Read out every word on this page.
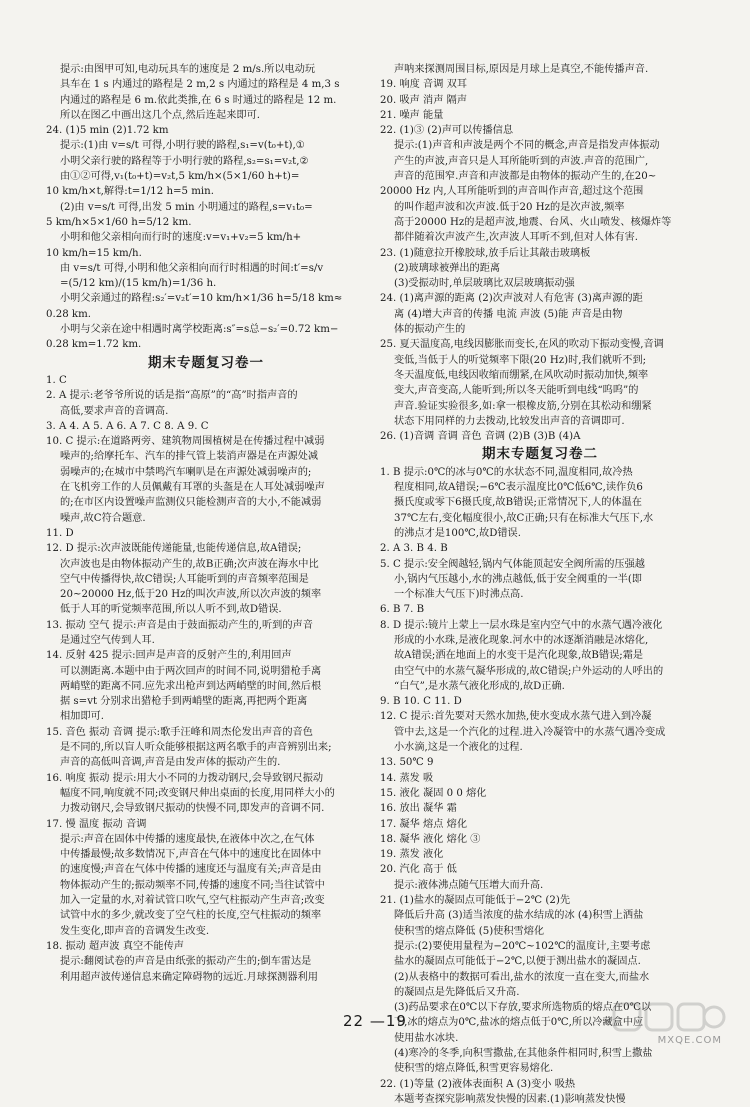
提示:由图甲可知,电动玩具车的速度是 2 m/s.所以电动玩
具车在 1 s 内通过的路程是 2 m,2 s 内通过的路程是 4 m,3 s
内通过的路程是 6 m.依此类推,在 6 s 时通过的路程是 12 m.
所以在图乙中画出这几个点,然后连起来即可.
24. (1)5 min (2)1.72 km
提示:(1)由 v=s/t 可得,小明行驶的路程,s₁=v(t₀+t),①
小明父亲行驶的路程等于小明行驶的路程,s₂=s₁=v₂t,②
由①②可得,v₁(t₀+t)=v₂t,5 km/h×(5×1/60 h+t)=
10 km/h×t,解得:t=1/12 h=5 min.
(2)由 v=s/t 可得,出发 5 min 小明通过的路程,s=v₁t₀=
5 km/h×5×1/60 h=5/12 km.
小明和他父亲相向而行时的速度:v=v₁+v₂=5 km/h+
10 km/h=15 km/h.
由 v=s/t 可得,小明和他父亲相向而行时相遇的时间:t′=s/v
=(5/12 km)/(15 km/h)=1/36 h.
小明父亲通过的路程:s₂′=v₂t′=10 km/h×1/36 h=5/18 km≈
0.28 km.
小明与父亲在途中相遇时离学校距离:s″=s总−s₂′=0.72 km−
0.28 km=1.72 km.
期末专题复习卷一
1. C
2. A 提示:老爷爷所说的话是指“高原”的“高”时指声音的
高低,要求声音的音调高.
3. A 4. A 5. A 6. A 7. C 8. A 9. C
10. C 提示:在道路两旁、建筑物周围植树是在传播过程中减弱
噪声的;给摩托车、汽车的排气管上装消声器是在声源处减
弱噪声的;在城市中禁鸣汽车喇叭是在声源处减弱噪声的;
在飞机旁工作的人员佩戴有耳罩的头盔是在人耳处减弱噪声
的;在市区内设置噪声监测仪只能检测声音的大小,不能减弱
噪声,故C符合题意.
11. D
12. D 提示:次声波既能传递能量,也能传递信息,故A错误;
次声波也是由物体振动产生的,故B正确;次声波在海水中比
空气中传播得快,故C错误;人耳能听到的声音频率范围是
20~20000 Hz,低于20 Hz的叫次声波,所以次声波的频率
低于人耳的听觉频率范围,所以人听不到,故D错误.
13. 振动 空气 提示:声音是由于鼓面振动产生的,听到的声音
是通过空气传到人耳.
14. 反射 425 提示:回声是声音的反射产生的,利用回声
可以测距离.本题中由于两次回声的时间不同,说明猎枪手离
两峭壁的距离不同.应先求出枪声到达两峭壁的时间,然后根
据 s=vt 分别求出猎枪手到两峭壁的距离,再把两个距离
相加即可.
15. 音色 振动 音调 提示:歌手汪峰和周杰伦发出声音的音色
是不同的,所以盲人听众能够根据这两名歌手的声音辨别出来;
声音的高低叫音调,声音是由发声体的振动产生的.
16. 响度 振动 提示:用大小不同的力拨动钢尺,会导致钢尺振动
幅度不同,响度就不同;改变钢尺伸出桌面的长度,用同样大小的
力拨动钢尺,会导致钢尺振动的快慢不同,即发声的音调不同.
17. 慢 温度 振动 音调
提示:声音在固体中传播的速度最快,在液体中次之,在气体
中传播最慢;故多数情况下,声音在气体中的速度比在固体中
的速度慢;声音在气体中传播的速度还与温度有关;声音是由
物体振动产生的;振动频率不同,传播的速度不同;当往试管中
加入一定量的水,对着试管口吹气,空气柱振动产生声音;改变
试管中水的多少,就改变了空气柱的长度,空气柱振动的频率
发生变化,即声音的音调发生改变.
18. 振动 超声波 真空不能传声
提示:翻阅试卷的声音是由纸张的振动产生的;倒车雷达是
利用超声波传递信息来确定障碍物的远近.月球探测器利用
声呐来探测周围目标,原因是月球上是真空,不能传播声音.
19. 响度 音调 双耳
20. 吸声 消声 隔声
21. 噪声 能量
22. (1)③ (2)声可以传播信息
提示:(1)声音和声波是两个不同的概念,声音是指发声体振动
产生的声波,声音只是人耳所能听到的声波.声音的范围广,
声音的范围窄.声音和声波都是由物体的振动产生的,在20~
20000 Hz 内,人耳所能听到的声音叫作声音,超过这个范围
的叫作超声波和次声波.低于20 Hz的是次声波,频率
高于20000 Hz的是超声波,地震、台风、火山喷发、核爆炸等
都伴随着次声波产生,次声波人耳听不到,但对人体有害.
23. (1)随意拉开橡胶球,放手后让其敲击玻璃板
(2)玻璃球被弹出的距离
(3)受振动时,单层玻璃比双层玻璃振动强
24. (1)离声源的距离 (2)次声波对人有危害 (3)离声源的距
离 (4)增大声音的传播 电流 声波 (5)能 声音是由物
体的振动产生的
25. 夏天温度高,电线因膨胀而变长,在风的吹动下振动变慢,音调
变低,当低于人的听觉频率下限(20 Hz)时,我们就听不到;
冬天温度低,电线因收缩而绷紧,在风吹动时振动加快,频率
变大,声音变高,人能听到;所以冬天能听到电线“呜呜”的
声音.验证实验很多,如:拿一根橡皮筋,分别在其松动和绷紧
状态下用同样的力去拨动,比较发出声音的音调即可.
26. (1)音调 音调 音色 音调 (2)B (3)B (4)A
期末专题复习卷二
1. B 提示:0℃的冰与0℃的水状态不同,温度相同,故冷热
程度相同,故A错误;−6℃表示温度比0℃低6℃,读作负6
摄氏度或零下6摄氏度,故B错误;正常情况下,人的体温在
37℃左右,变化幅度很小,故C正确;只有在标准大气压下,水
的沸点才是100℃,故D错误.
2. A 3. B 4. B
5. C 提示:安全阀越轻,锅内气体能顶起安全阀所需的压强越
小,锅内气压越小,水的沸点越低,低于安全阀重的一半(即
一个标准大气压下)时沸点高.
6. B 7. B
8. D 提示:镜片上蒙上一层水珠是室内空气中的水蒸气遇冷液化
形成的小水珠,是液化现象.河水中的冰逐渐消融是冰熔化,
故A错误;洒在地面上的水变干是汽化现象,故B错误;霜是
由空气中的水蒸气凝华形成的,故C错误;户外运动的人呼出的
“白气”,是水蒸气液化形成的,故D正确.
9. B 10. C 11. D
12. C 提示:首先要对天然水加热,使水变成水蒸气进入到冷凝
管中去,这是一个汽化的过程.进入冷凝管中的水蒸气遇冷变成
小水滴,这是一个液化的过程.
13. 50℃ 9
14. 蒸发 吸
15. 液化 凝固 0 0 熔化
16. 放出 凝华 霜
17. 凝华 熔点 熔化
18. 凝华 液化 熔化 ③
19. 蒸发 液化
20. 汽化 高于 低
提示:液体沸点随气压增大而升高.
21. (1)盐水的凝固点可能低于−2℃ (2)先
降低后升高 (3)适当浓度的盐水结成的冰 (4)积雪上洒盐
使积雪的熔点降低 (5)使积雪熔化
提示:(2)要使用量程为−20℃~102℃的温度计,主要考虑
盐水的凝固点可能低于−2℃,以便于测出盐水的凝固点.
(2)从表格中的数据可看出,盐水的浓度一直在变大,而盐水
的凝固点是先降低后又升高.
(3)药品要求在0℃以下存放,要求所选物质的熔点在0℃以
下,冰的熔点为0℃,盐冰的熔点低于0℃,所以冷藏盒中应
使用盐水冰块.
(4)寒冷的冬季,向积雪撒盐,在其他条件相同时,积雪上撒盐
使积雪的熔点降低,积雪更容易熔化.
22. (1)等量 (2)液体表面积 A (3)变小 吸热
本题考查探究影响蒸发快慢的因素.(1)影响蒸发快慢
22 —19
MXQE.COM
